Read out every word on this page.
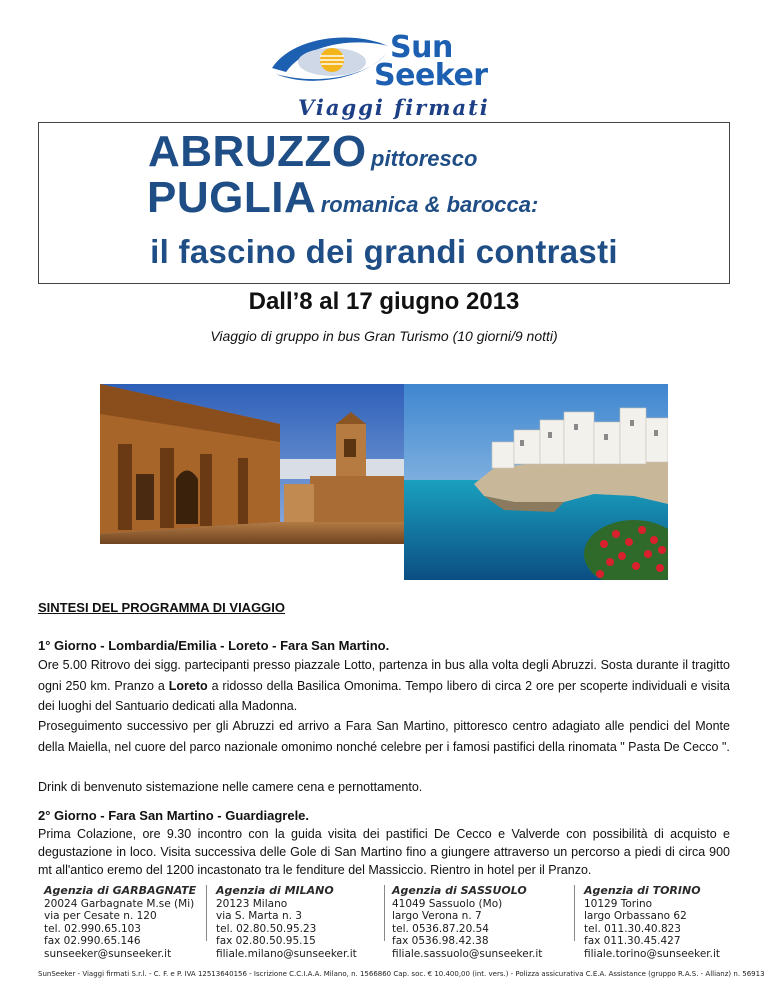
Sun
Seeker
Viaggi firmati
ABRUZZO pittoresco
PUGLIA romanica & barocca:
il fascino dei grandi contrasti
Dall’8 al 17 giugno 2013
Viaggio di gruppo in bus Gran Turismo (10 giorni/9 notti)
SINTESI DEL PROGRAMMA DI VIAGGIO
1° Giorno - Lombardia/Emilia - Loreto - Fara San Martino.
Ore 5.00 Ritrovo dei sigg. partecipanti presso piazzale Lotto, partenza in bus alla volta degli Abruzzi. Sosta durante il tragitto ogni 250 km. Pranzo a Loreto a ridosso della Basilica Omonima. Tempo libero di circa 2 ore per scoperte individuali e visita dei luoghi del Santuario dedicati alla Madonna.
Proseguimento successivo per gli Abruzzi ed arrivo a Fara San Martino, pittoresco centro adagiato alle pendici del Monte della Maiella, nel cuore del parco nazionale omonimo nonché celebre per i famosi pastifici della rinomata " Pasta De Cecco ".
Drink di benvenuto sistemazione nelle camere cena e pernottamento.
2° Giorno - Fara San Martino - Guardiagrele.
Prima Colazione, ore 9.30 incontro con la guida visita dei pastifici De Cecco e Valverde con possibilità di acquisto e degustazione in loco. Visita successiva delle Gole di San Martino fino a giungere attraverso un percorso a piedi di circa 900 mt all'antico eremo del 1200 incastonato tra le fenditure del Massiccio. Rientro in hotel per il Pranzo.
Agenzia di GARBAGNATE
20024 Garbagnate M.se (Mi)
via per Cesate n. 120
tel. 02.990.65.103
fax 02.990.65.146
sunseeker@sunseeker.it
Agenzia di MILANO
20123 Milano
via S. Marta n. 3
tel. 02.80.50.95.23
fax 02.80.50.95.15
filiale.milano@sunseeker.it
Agenzia di SASSUOLO
41049 Sassuolo (Mo)
largo Verona n. 7
tel. 0536.87.20.54
fax 0536.98.42.38
filiale.sassuolo@sunseeker.it
Agenzia di TORINO
10129 Torino
largo Orbassano 62
tel. 011.30.40.823
fax 011.30.45.427
filiale.torino@sunseeker.it
SunSeeker - Viaggi firmati S.r.l. - C. F. e P. IVA 12513640156 - Iscrizione C.C.I.A.A. Milano, n. 1566860 Cap. soc. € 10.400,00 (int. vers.) - Polizza assicurativa C.E.A. Assistance (gruppo R.A.S. - Allianz) n. 56913
